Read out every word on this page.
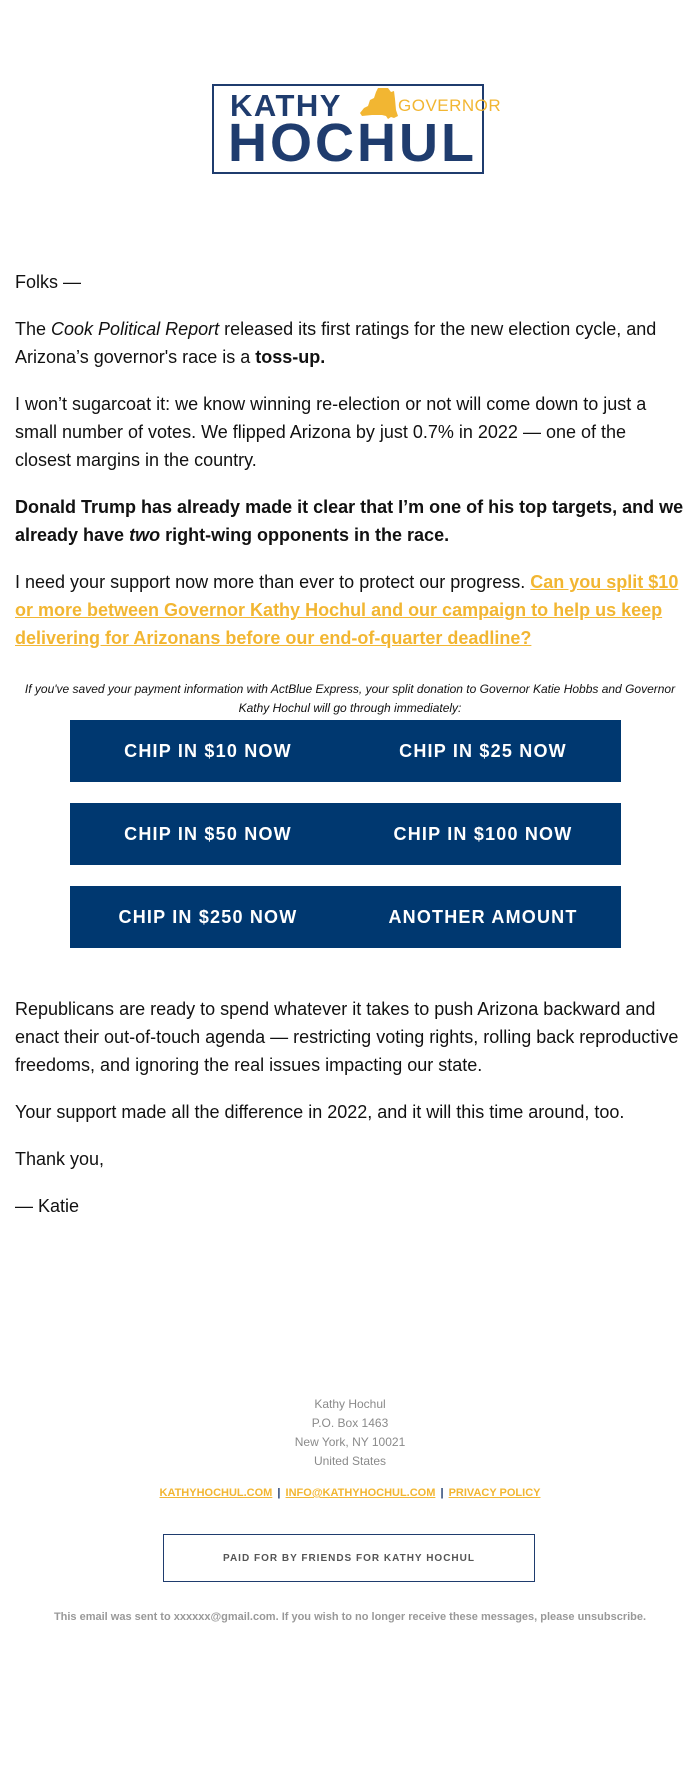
KATHY	GOVERNOR
HOCHUL

Folks —

The Cook Political Report released its first ratings for the new election cycle, and Arizona’s governor's race is a toss-up.

I won’t sugarcoat it: we know winning re-election or not will come down to just a small number of votes. We flipped Arizona by just 0.7% in 2022 — one of the closest margins in the country.

Donald Trump has already made it clear that I’m one of his top targets, and we already have two right-wing opponents in the race.

I need your support now more than ever to protect our progress. Can you split $10 or more between Governor Kathy Hochul and our campaign to help us keep delivering for Arizonans before our end-of-quarter deadline?

If you've saved your payment information with ActBlue Express, your split donation to Governor Katie Hobbs and Governor Kathy Hochul will go through immediately:
CHIP IN $10 NOW	CHIP IN $25 NOW
CHIP IN $50 NOW	CHIP IN $100 NOW
CHIP IN $250 NOW	ANOTHER AMOUNT

Republicans are ready to spend whatever it takes to push Arizona backward and enact their out-of-touch agenda — restricting voting rights, rolling back reproductive freedoms, and ignoring the real issues impacting our state.

Your support made all the difference in 2022, and it will this time around, too.

Thank you,

— Katie

Kathy Hochul
P.O. Box 1463
New York, NY 10021
United States
KATHYHOCHUL.COM | INFO@KATHYHOCHUL.COM | PRIVACY POLICY
PAID FOR BY FRIENDS FOR KATHY HOCHUL
This email was sent to xxxxxx@gmail.com. If you wish to no longer receive these messages, please unsubscribe.
